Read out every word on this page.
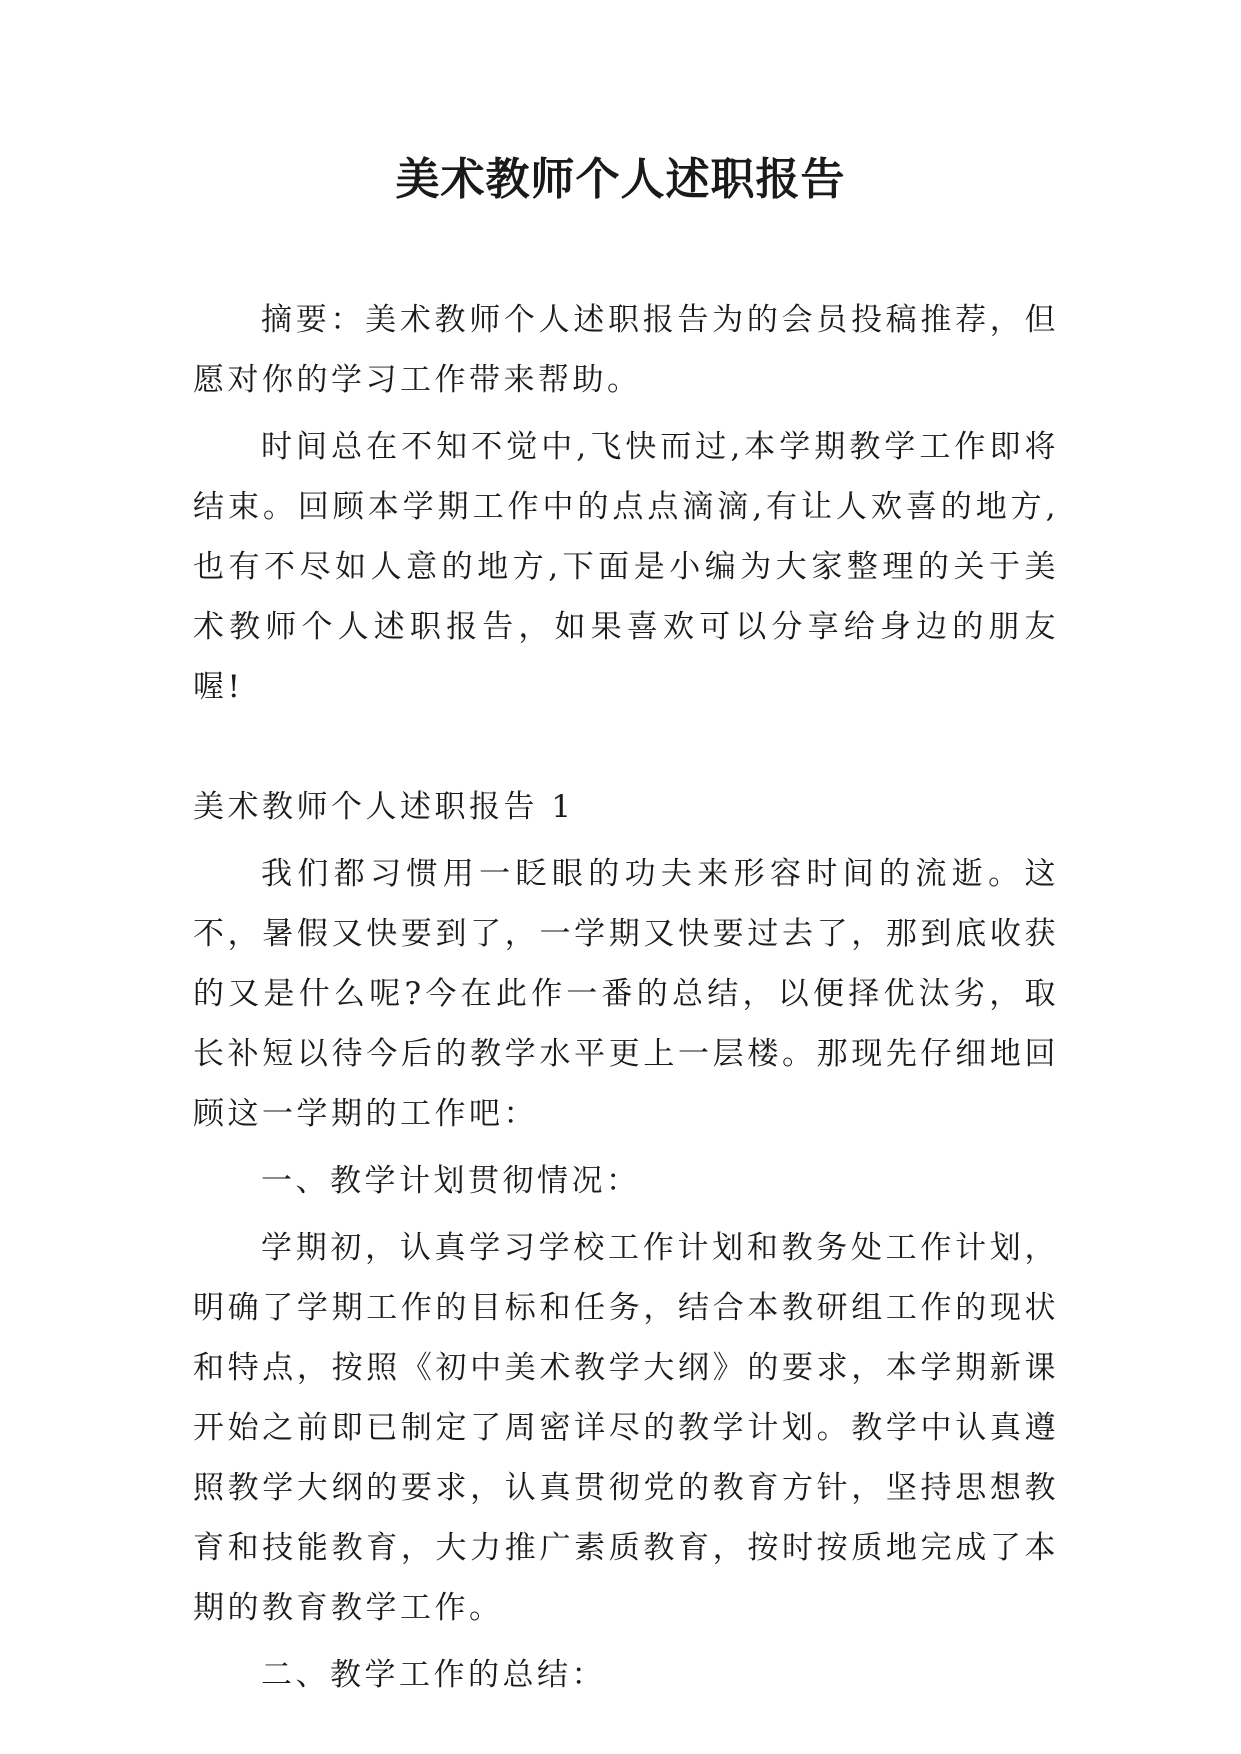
美术教师个人述职报告

摘要：美术教师个人述职报告为的会员投稿推荐，但愿对你的学习工作带来帮助。

时间总在不知不觉中,飞快而过,本学期教学工作即将结束。回顾本学期工作中的点点滴滴,有让人欢喜的地方,也有不尽如人意的地方,下面是小编为大家整理的关于美术教师个人述职报告，如果喜欢可以分享给身边的朋友喔!

美术教师个人述职报告 1

我们都习惯用一眨眼的功夫来形容时间的流逝。这不，暑假又快要到了，一学期又快要过去了，那到底收获的又是什么呢?今在此作一番的总结，以便择优汰劣，取长补短以待今后的教学水平更上一层楼。那现先仔细地回顾这一学期的工作吧：

一、教学计划贯彻情况：

学期初，认真学习学校工作计划和教务处工作计划，明确了学期工作的目标和任务，结合本教研组工作的现状和特点，按照《初中美术教学大纲》的要求，本学期新课开始之前即已制定了周密详尽的教学计划。教学中认真遵照教学大纲的要求，认真贯彻党的教育方针，坚持思想教育和技能教育，大力推广素质教育，按时按质地完成了本期的教育教学工作。

二、教学工作的总结：
